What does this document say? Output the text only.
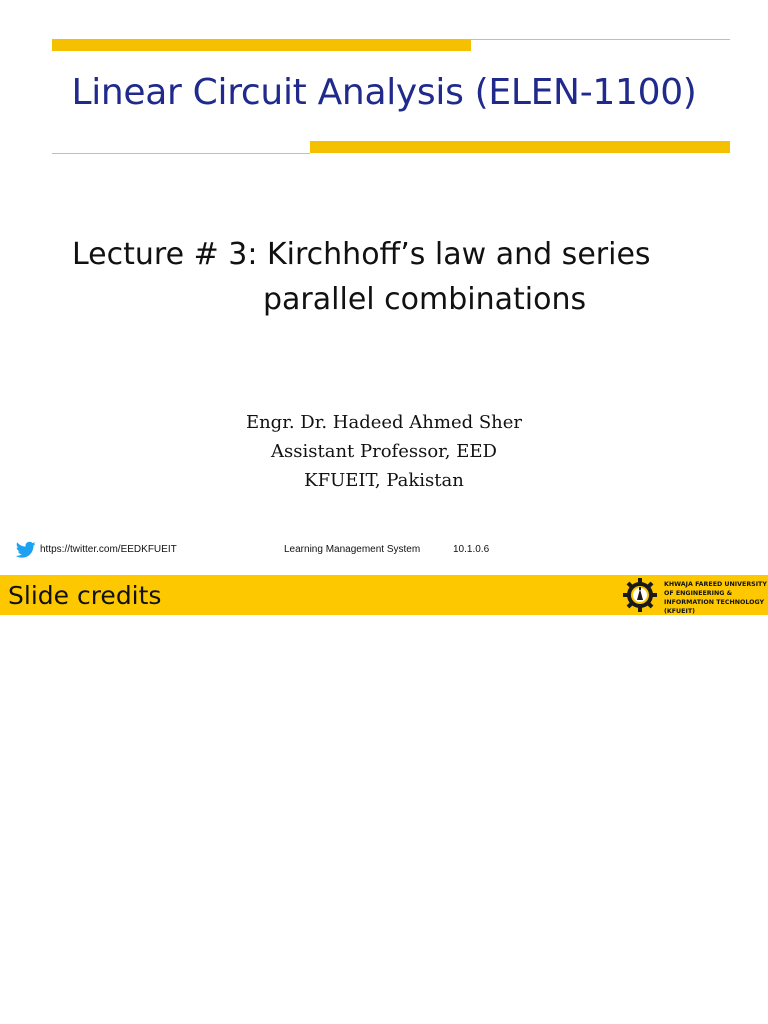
Linear Circuit Analysis (ELEN-1100)
Lecture # 3: Kirchhoff’s law and series
parallel combinations
Engr. Dr. Hadeed Ahmed Sher
Assistant Professor, EED
KFUEIT, Pakistan
https://twitter.com/EEDKFUEIT	Learning Management System	10.1.0.6
Slide credits	KHWAJA FAREED UNIVERSITY OF ENGINEERING & INFORMATION TECHNOLOGY (KFUEIT)
